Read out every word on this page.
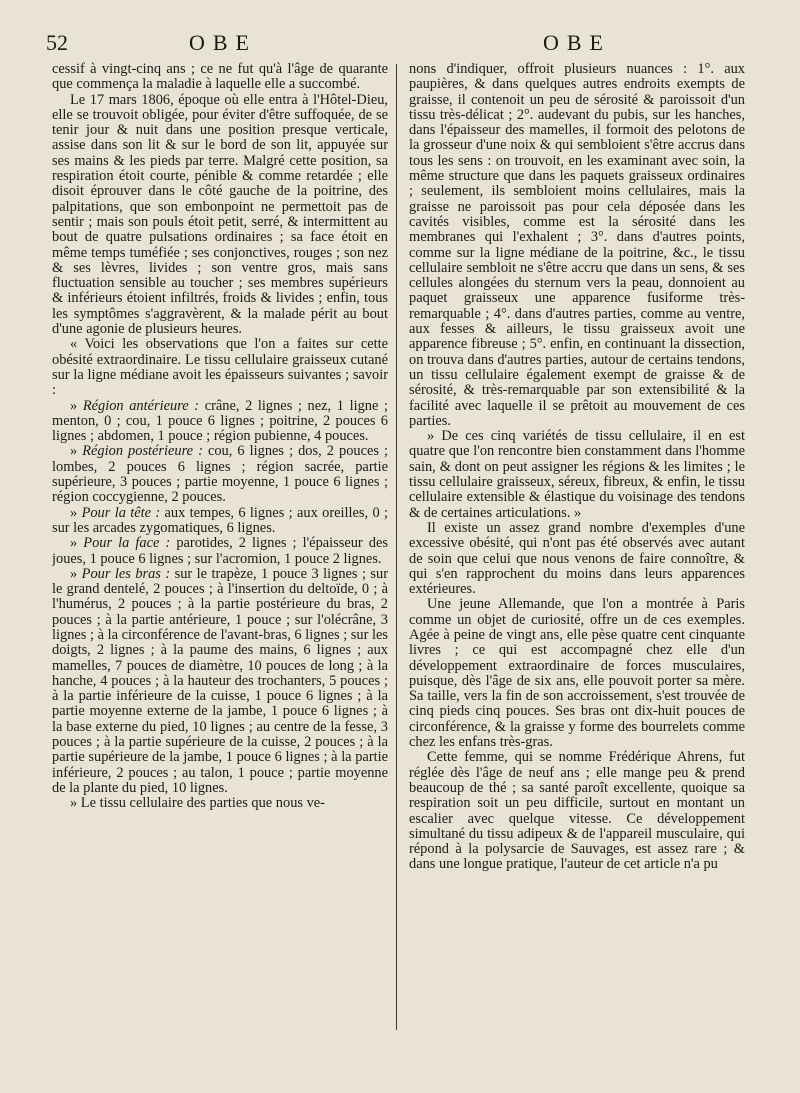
52	OBE	OBE

cessif à vingt-cinq ans ; ce ne fut qu'à l'âge de quarante que commença la maladie à laquelle elle a succombé.

Le 17 mars 1806, époque où elle entra à l'Hôtel-Dieu, elle se trouvoit obligée, pour éviter d'être suffoquée, de se tenir jour & nuit dans une position presque verticale, assise dans son lit & sur le bord de son lit, appuyée sur ses mains & les pieds par terre. Malgré cette position, sa respiration étoit courte, pénible & comme retardée ; elle disoit éprouver dans le côté gauche de la poitrine, des palpitations, que son embonpoint ne permettoit pas de sentir ; mais son pouls étoit petit, serré, & intermittent au bout de quatre pulsations ordinaires ; sa face étoit en même temps tuméfiée ; ses conjonctives, rouges ; son nez & ses lèvres, livides ; son ventre gros, mais sans fluctuation sensible au toucher ; ses membres supérieurs & inférieurs étoient infiltrés, froids & livides ; enfin, tous les symptômes s'aggravèrent, & la malade périt au bout d'une agonie de plusieurs heures.

« Voici les observations que l'on a faites sur cette obésité extraordinaire. Le tissu cellulaire graisseux cutané sur la ligne médiane avoit les épaisseurs suivantes ; savoir :

» Région antérieure : crâne, 2 lignes ; nez, 1 ligne ; menton, 0 ; cou, 1 pouce 6 lignes ; poitrine, 2 pouces 6 lignes ; abdomen, 1 pouce ; région pubienne, 4 pouces.

» Région postérieure : cou, 6 lignes ; dos, 2 pouces ; lombes, 2 pouces 6 lignes ; région sacrée, partie supérieure, 3 pouces ; partie moyenne, 1 pouce 6 lignes ; région coccygienne, 2 pouces.

» Pour la tête : aux tempes, 6 lignes ; aux oreilles, 0 ; sur les arcades zygomatiques, 6 lignes.

» Pour la face : parotides, 2 lignes ; l'épaisseur des joues, 1 pouce 6 lignes ; sur l'acromion, 1 pouce 2 lignes.

» Pour les bras : sur le trapèze, 1 pouce 3 lignes ; sur le grand dentelé, 2 pouces ; à l'insertion du deltoïde, 0 ; à l'humérus, 2 pouces ; à la partie postérieure du bras, 2 pouces ; à la partie antérieure, 1 pouce ; sur l'olécrâne, 3 lignes ; à la circonférence de l'avant-bras, 6 lignes ; sur les doigts, 2 lignes ; à la paume des mains, 6 lignes ; aux mamelles, 7 pouces de diamètre, 10 pouces de long ; à la hanche, 4 pouces ; à la hauteur des trochanters, 5 pouces ; à la partie inférieure de la cuisse, 1 pouce 6 lignes ; à la partie moyenne externe de la jambe, 1 pouce 6 lignes ; à la base externe du pied, 10 lignes ; au centre de la fesse, 3 pouces ; à la partie supérieure de la cuisse, 2 pouces ; à la partie supérieure de la jambe, 1 pouce 6 lignes ; à la partie inférieure, 2 pouces ; au talon, 1 pouce ; partie moyenne de la plante du pied, 10 lignes.

» Le tissu cellulaire des parties que nous ve-

nons d'indiquer, offroit plusieurs nuances : 1°. aux paupières, & dans quelques autres endroits exempts de graisse, il contenoit un peu de sérosité & paroissoit d'un tissu très-délicat ; 2°. audevant du pubis, sur les hanches, dans l'épaisseur des mamelles, il formoit des pelotons de la grosseur d'une noix & qui sembloient s'être accrus dans tous les sens : on trouvoit, en les examinant avec soin, la même structure que dans les paquets graisseux ordinaires ; seulement, ils sembloient moins cellulaires, mais la graisse ne paroissoit pas pour cela déposée dans les cavités visibles, comme est la sérosité dans les membranes qui l'exhalent ; 3°. dans d'autres points, comme sur la ligne médiane de la poitrine, &c., le tissu cellulaire sembloit ne s'être accru que dans un sens, & ses cellules alongées du sternum vers la peau, donnoient au paquet graisseux une apparence fusiforme très-remarquable ; 4°. dans d'autres parties, comme au ventre, aux fesses & ailleurs, le tissu graisseux avoit une apparence fibreuse ; 5°. enfin, en continuant la dissection, on trouva dans d'autres parties, autour de certains tendons, un tissu cellulaire également exempt de graisse & de sérosité, & très-remarquable par son extensibilité & la facilité avec laquelle il se prêtoit au mouvement de ces parties.

» De ces cinq variétés de tissu cellulaire, il en est quatre que l'on rencontre bien constamment dans l'homme sain, & dont on peut assigner les régions & les limites ; le tissu cellulaire graisseux, séreux, fibreux, & enfin, le tissu cellulaire extensible & élastique du voisinage des tendons & de certaines articulations. »

Il existe un assez grand nombre d'exemples d'une excessive obésité, qui n'ont pas été observés avec autant de soin que celui que nous venons de faire connoître, & qui s'en rapprochent du moins dans leurs apparences extérieures.

Une jeune Allemande, que l'on a montrée à Paris comme un objet de curiosité, offre un de ces exemples. Agée à peine de vingt ans, elle pèse quatre cent cinquante livres ; ce qui est accompagné chez elle d'un développement extraordinaire de forces musculaires, puisque, dès l'âge de six ans, elle pouvoit porter sa mère. Sa taille, vers la fin de son accroissement, s'est trouvée de cinq pieds cinq pouces. Ses bras ont dix-huit pouces de circonférence, & la graisse y forme des bourrelets comme chez les enfans très-gras.

Cette femme, qui se nomme Frédérique Ahrens, fut réglée dès l'âge de neuf ans ; elle mange peu & prend beaucoup de thé ; sa santé paroît excellente, quoique sa respiration soit un peu difficile, surtout en montant un escalier avec quelque vitesse. Ce développement simultané du tissu adipeux & de l'appareil musculaire, qui répond à la polysarcie de Sauvages, est assez rare ; & dans une longue pratique, l'auteur de cet article n'a pu
